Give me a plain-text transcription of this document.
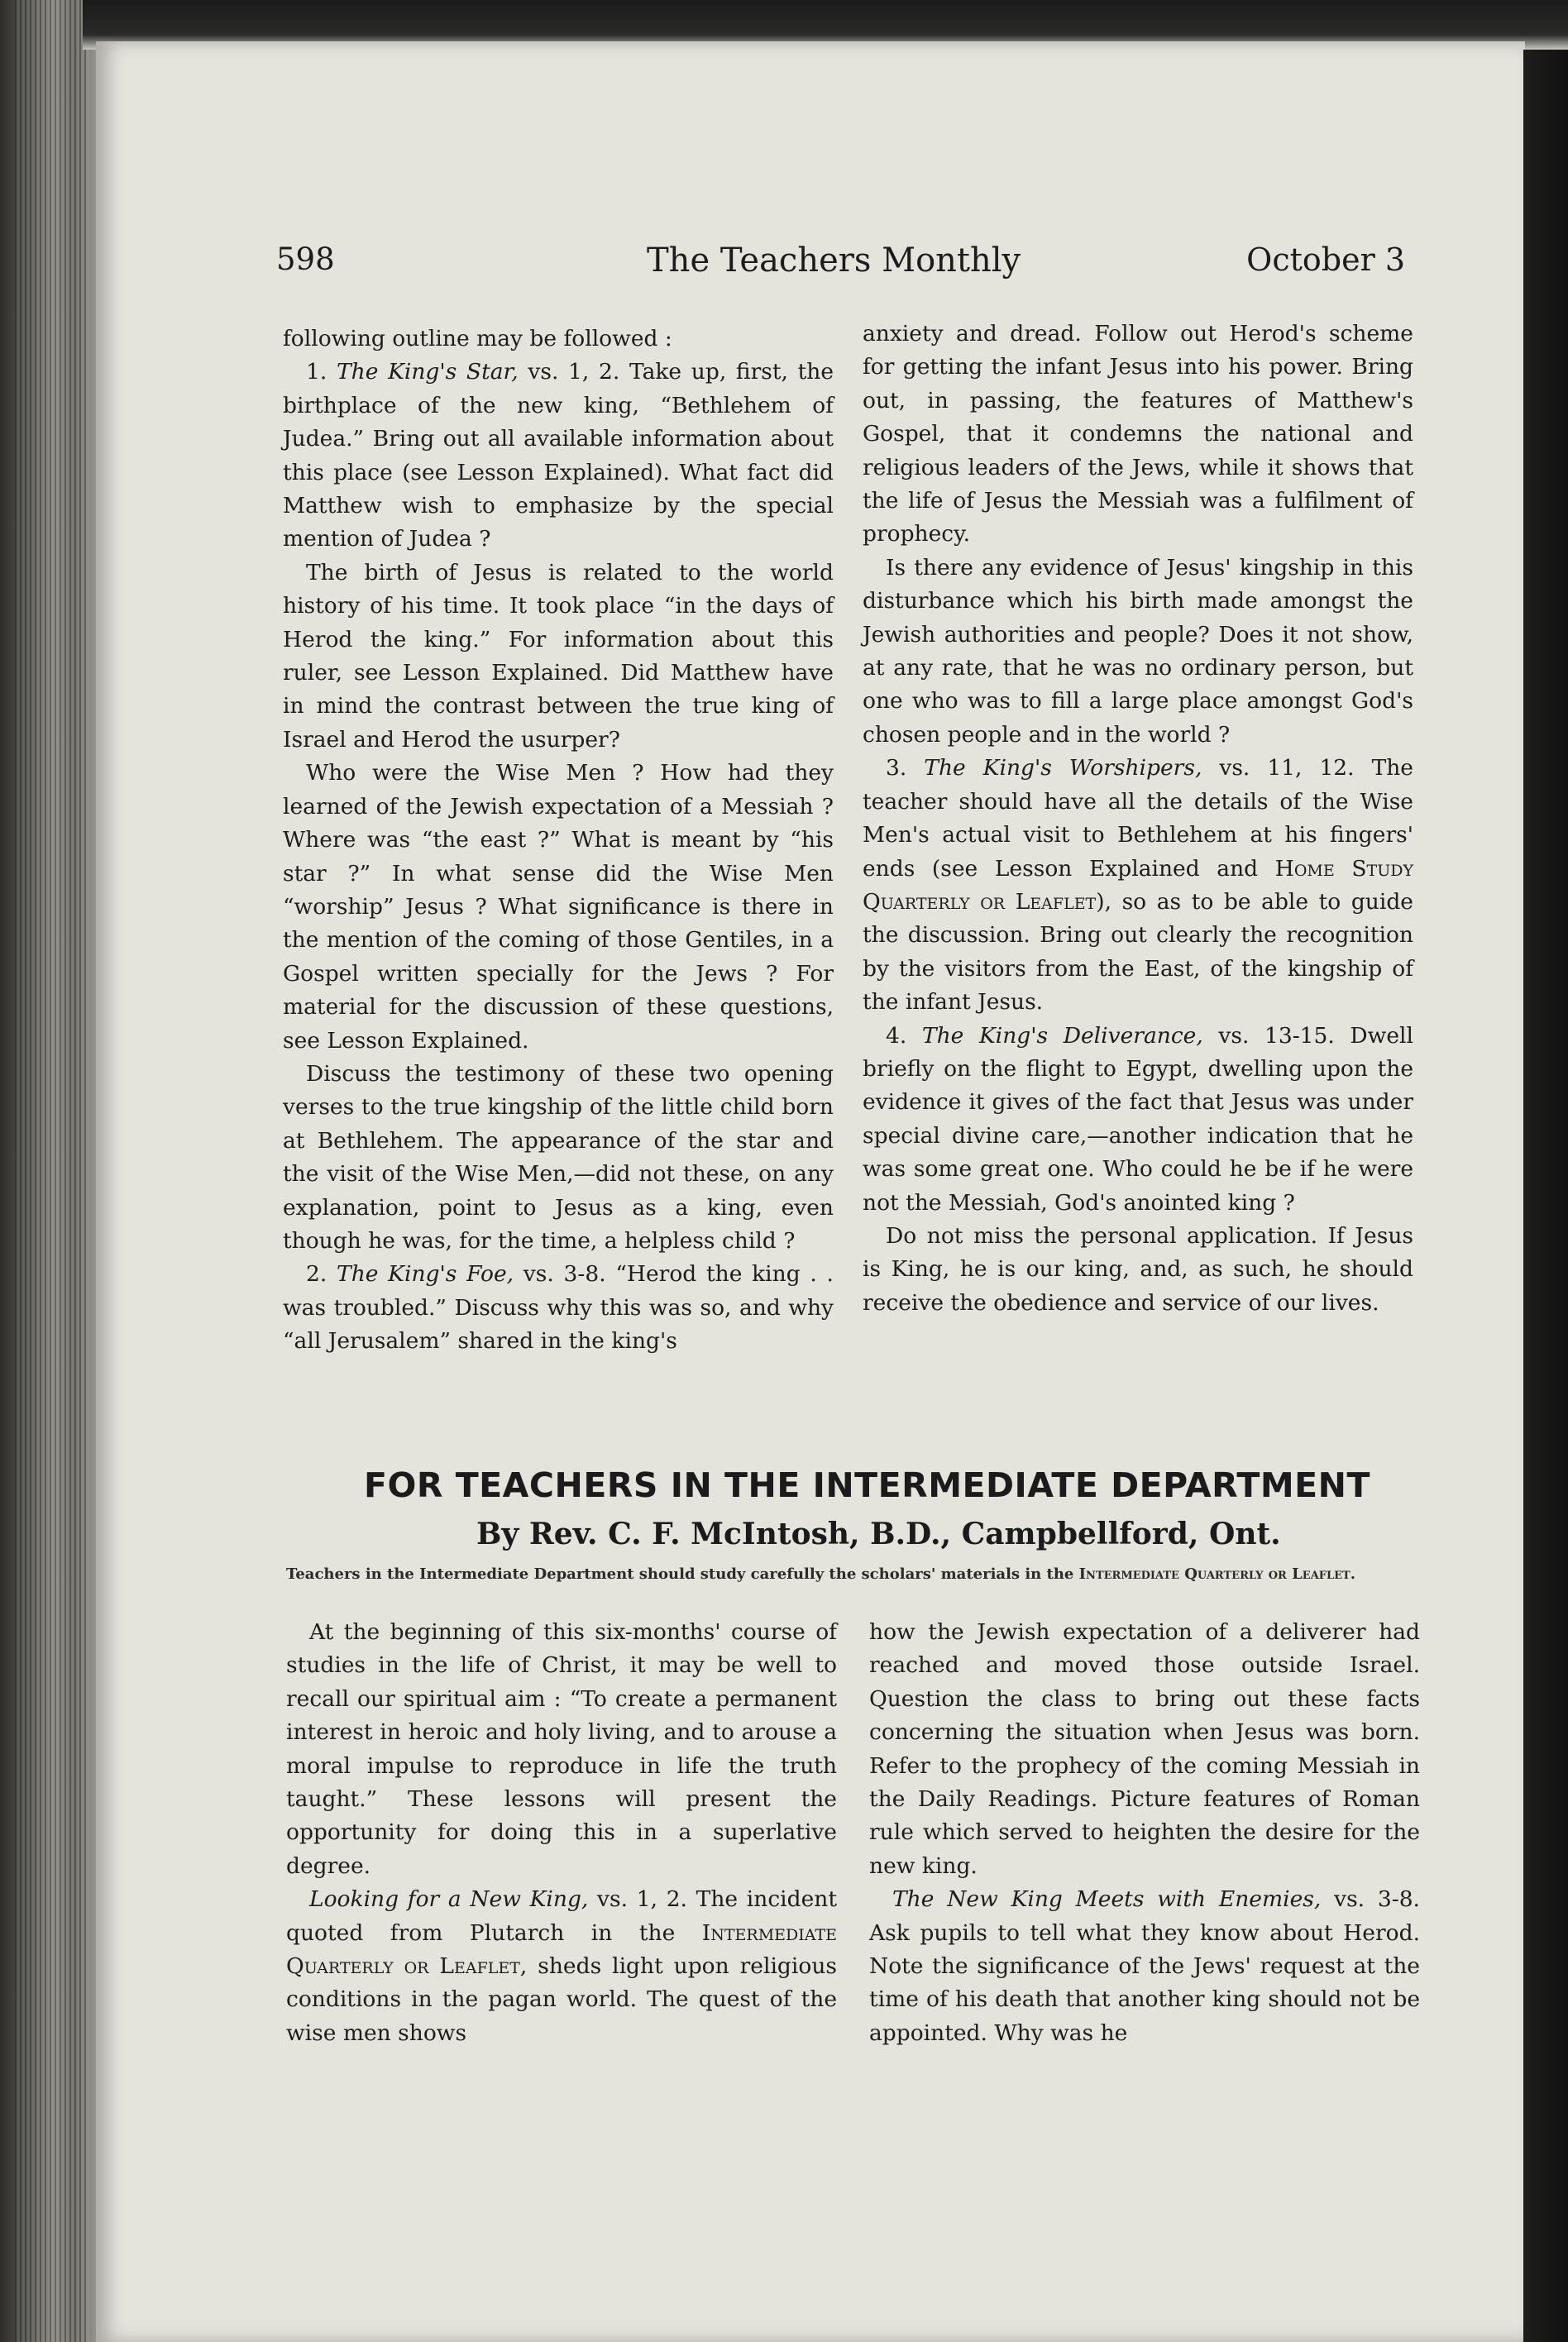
598	The Teachers Monthly	October 3

following outline may be followed :

1. The King's Star, vs. 1, 2. Take up, first, the birthplace of the new king, “Bethlehem of Judea.” Bring out all available information about this place (see Lesson Explained). What fact did Matthew wish to emphasize by the special mention of Judea ?

The birth of Jesus is related to the world history of his time. It took place “in the days of Herod the king.” For information about this ruler, see Lesson Explained. Did Matthew have in mind the contrast between the true king of Israel and Herod the usurper?

Who were the Wise Men ? How had they learned of the Jewish expectation of a Messiah ? Where was “the east ?” What is meant by “his star ?” In what sense did the Wise Men “worship” Jesus ? What significance is there in the mention of the coming of those Gentiles, in a Gospel written specially for the Jews ? For material for the discussion of these questions, see Lesson Explained.

Discuss the testimony of these two opening verses to the true kingship of the little child born at Bethlehem. The appearance of the star and the visit of the Wise Men,—did not these, on any explanation, point to Jesus as a king, even though he was, for the time, a helpless child ?

2. The King's Foe, vs. 3-8. “Herod the king . . was troubled.” Discuss why this was so, and why “all Jerusalem” shared in the king's

anxiety and dread. Follow out Herod's scheme for getting the infant Jesus into his power. Bring out, in passing, the features of Matthew's Gospel, that it condemns the national and religious leaders of the Jews, while it shows that the life of Jesus the Messiah was a fulfilment of prophecy.

Is there any evidence of Jesus' kingship in this disturbance which his birth made amongst the Jewish authorities and people? Does it not show, at any rate, that he was no ordinary person, but one who was to fill a large place amongst God's chosen people and in the world ?

3. The King's Worshipers, vs. 11, 12. The teacher should have all the details of the Wise Men's actual visit to Bethlehem at his fingers' ends (see Lesson Explained and Home Study Quarterly or Leaflet), so as to be able to guide the discussion. Bring out clearly the recognition by the visitors from the East, of the kingship of the infant Jesus.

4. The King's Deliverance, vs. 13-15. Dwell briefly on the flight to Egypt, dwelling upon the evidence it gives of the fact that Jesus was under special divine care,—another indication that he was some great one. Who could he be if he were not the Messiah, God's anointed king ?

Do not miss the personal application. If Jesus is King, he is our king, and, as such, he should receive the obedience and service of our lives.

FOR TEACHERS IN THE INTERMEDIATE DEPARTMENT
By Rev. C. F. McIntosh, B.D., Campbellford, Ont.
Teachers in the Intermediate Department should study carefully the scholars' materials in the Intermediate Quarterly or Leaflet.

At the beginning of this six-months' course of studies in the life of Christ, it may be well to recall our spiritual aim : “To create a permanent interest in heroic and holy living, and to arouse a moral impulse to reproduce in life the truth taught.” These lessons will present the opportunity for doing this in a superlative degree.

Looking for a New King, vs. 1, 2. The incident quoted from Plutarch in the Intermediate Quarterly or Leaflet, sheds light upon religious conditions in the pagan world. The quest of the wise men shows

how the Jewish expectation of a deliverer had reached and moved those outside Israel. Question the class to bring out these facts concerning the situation when Jesus was born. Refer to the prophecy of the coming Messiah in the Daily Readings. Picture features of Roman rule which served to heighten the desire for the new king.

The New King Meets with Enemies, vs. 3-8. Ask pupils to tell what they know about Herod. Note the significance of the Jews' request at the time of his death that another king should not be appointed. Why was he
